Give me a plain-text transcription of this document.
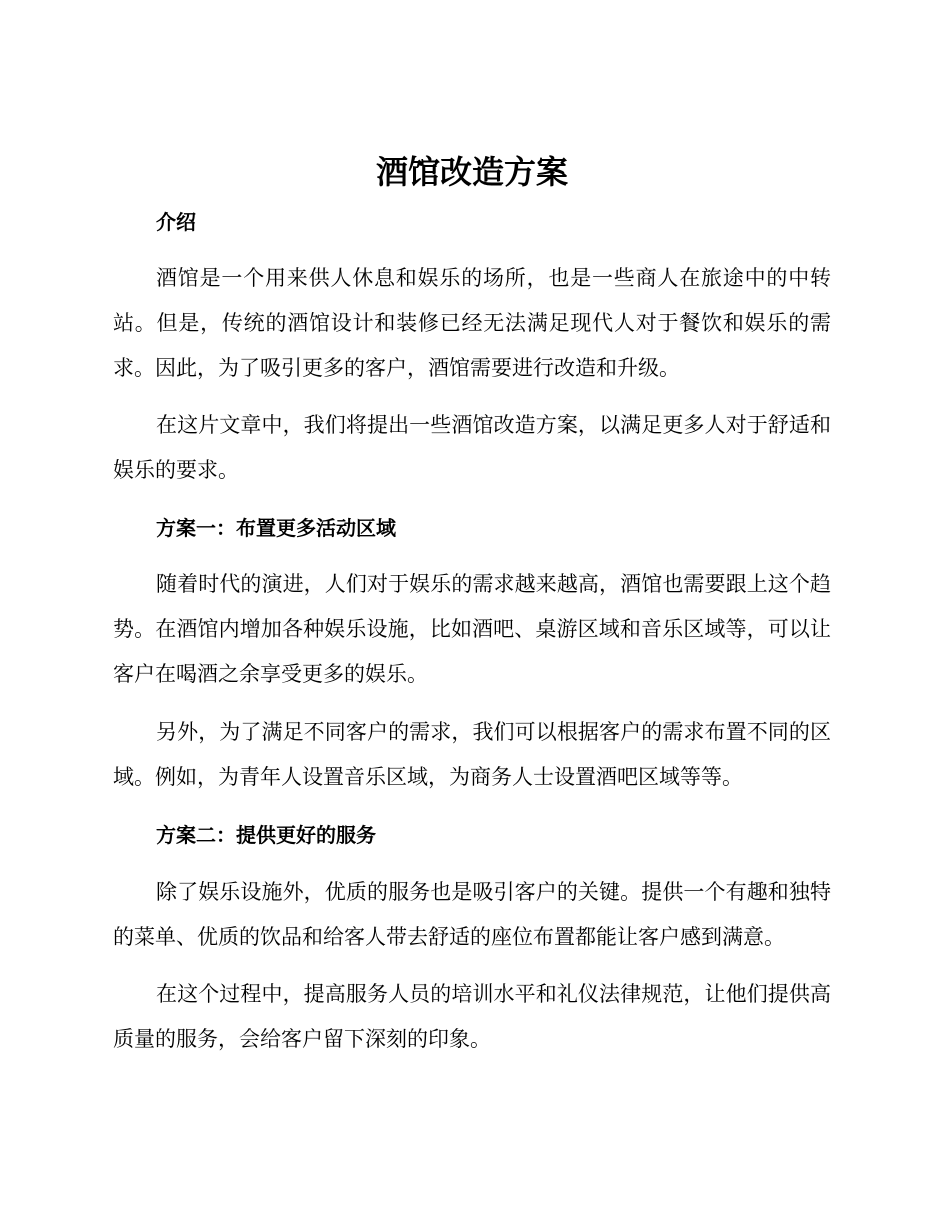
酒馆改造方案
介绍

酒馆是一个用来供人休息和娱乐的场所，也是一些商人在旅途中的中转站。但是，传统的酒馆设计和装修已经无法满足现代人对于餐饮和娱乐的需求。因此，为了吸引更多的客户，酒馆需要进行改造和升级。

在这片文章中，我们将提出一些酒馆改造方案，以满足更多人对于舒适和娱乐的要求。

方案一：布置更多活动区域

随着时代的演进，人们对于娱乐的需求越来越高，酒馆也需要跟上这个趋势。在酒馆内增加各种娱乐设施，比如酒吧、桌游区域和音乐区域等，可以让客户在喝酒之余享受更多的娱乐。

另外，为了满足不同客户的需求，我们可以根据客户的需求布置不同的区域。例如，为青年人设置音乐区域，为商务人士设置酒吧区域等等。

方案二：提供更好的服务

除了娱乐设施外，优质的服务也是吸引客户的关键。提供一个有趣和独特的菜单、优质的饮品和给客人带去舒适的座位布置都能让客户感到满意。

在这个过程中，提高服务人员的培训水平和礼仪法律规范，让他们提供高质量的服务，会给客户留下深刻的印象。
